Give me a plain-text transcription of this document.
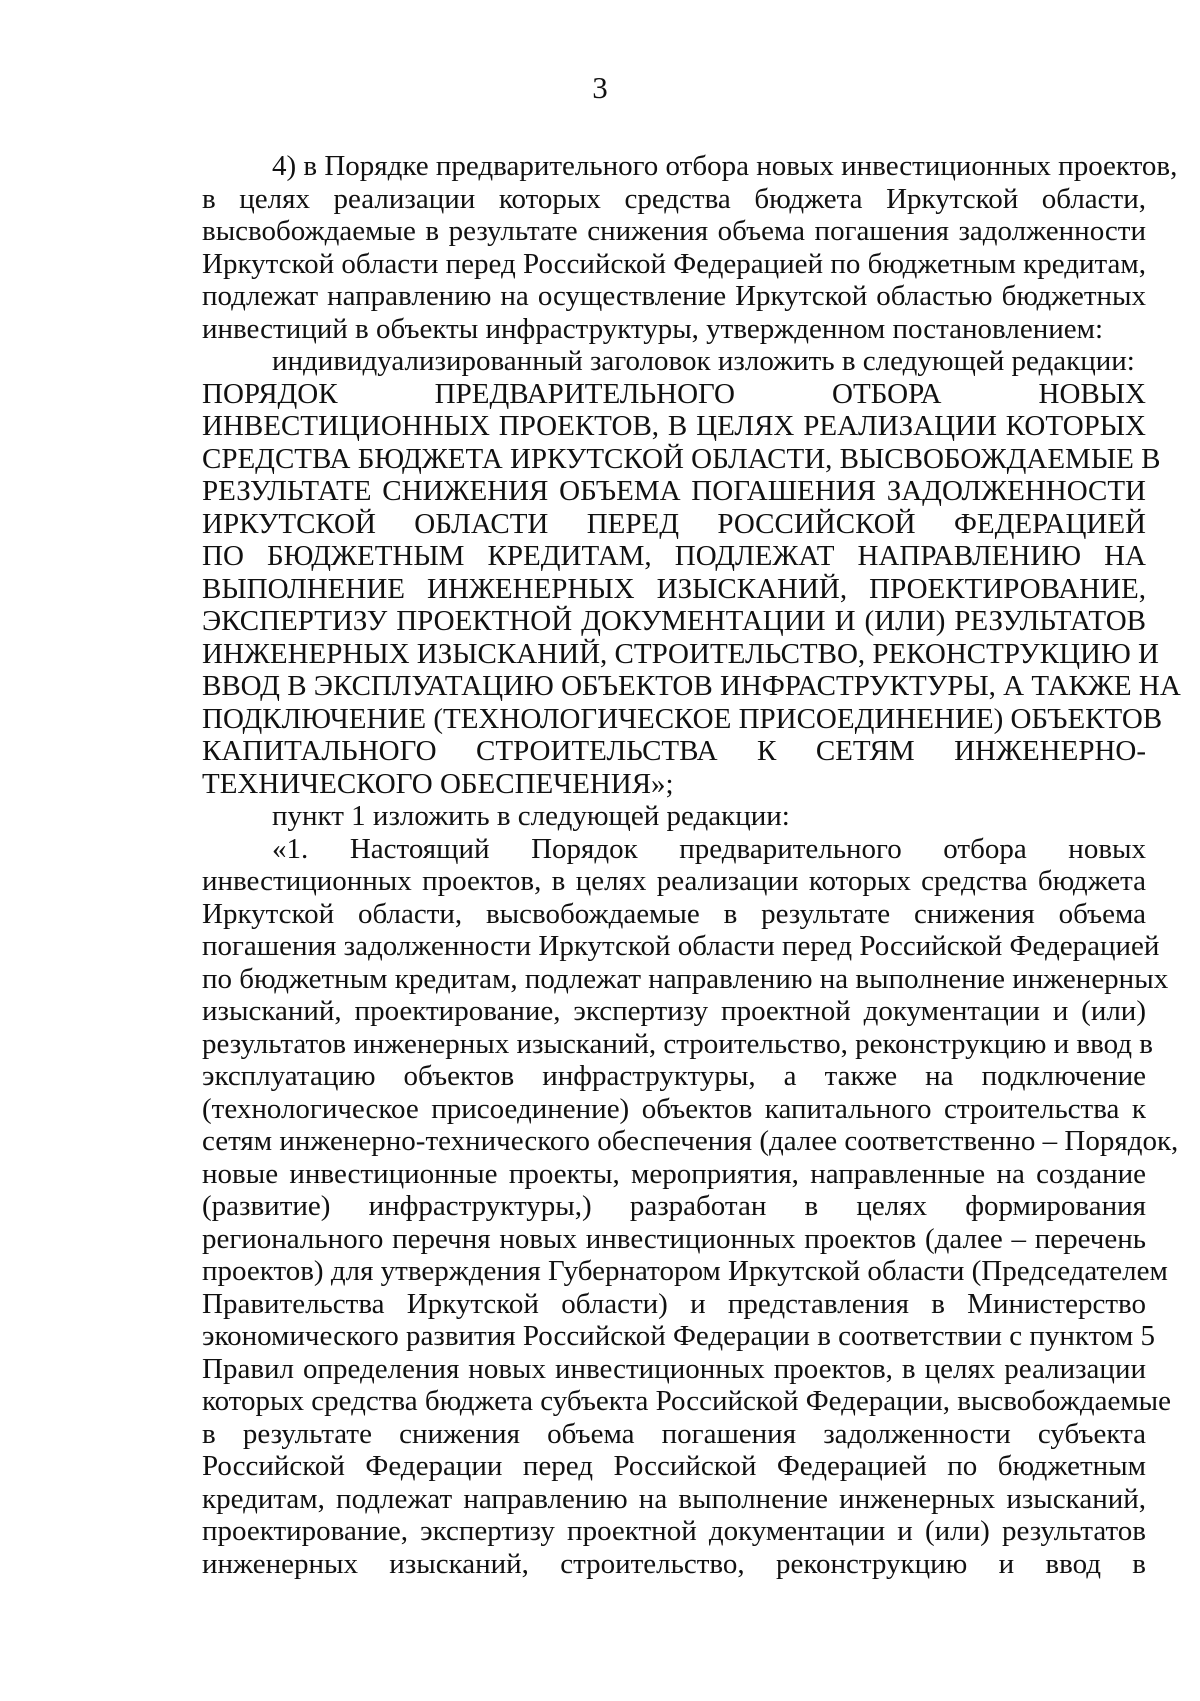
3
4) в Порядке предварительного отбора новых инвестиционных проектов,
в целях реализации которых средства бюджета Иркутской области,
высвобождаемые в результате снижения объема погашения задолженности
Иркутской области перед Российской Федерацией по бюджетным кредитам,
подлежат направлению на осуществление Иркутской областью бюджетных
инвестиций в объекты инфраструктуры, утвержденном постановлением:
индивидуализированный заголовок изложить в следующей редакции:
ПОРЯДОК ПРЕДВАРИТЕЛЬНОГО ОТБОРА НОВЫХ
ИНВЕСТИЦИОННЫХ ПРОЕКТОВ, В ЦЕЛЯХ РЕАЛИЗАЦИИ КОТОРЫХ
СРЕДСТВА БЮДЖЕТА ИРКУТСКОЙ ОБЛАСТИ, ВЫСВОБОЖДАЕМЫЕ В
РЕЗУЛЬТАТЕ СНИЖЕНИЯ ОБЪЕМА ПОГАШЕНИЯ ЗАДОЛЖЕННОСТИ
ИРКУТСКОЙ ОБЛАСТИ ПЕРЕД РОССИЙСКОЙ ФЕДЕРАЦИЕЙ
ПО БЮДЖЕТНЫМ КРЕДИТАМ, ПОДЛЕЖАТ НАПРАВЛЕНИЮ НА
ВЫПОЛНЕНИЕ ИНЖЕНЕРНЫХ ИЗЫСКАНИЙ, ПРОЕКТИРОВАНИЕ,
ЭКСПЕРТИЗУ ПРОЕКТНОЙ ДОКУМЕНТАЦИИ И (ИЛИ) РЕЗУЛЬТАТОВ
ИНЖЕНЕРНЫХ ИЗЫСКАНИЙ, СТРОИТЕЛЬСТВО, РЕКОНСТРУКЦИЮ И
ВВОД В ЭКСПЛУАТАЦИЮ ОБЪЕКТОВ ИНФРАСТРУКТУРЫ, А ТАКЖЕ НА
ПОДКЛЮЧЕНИЕ (ТЕХНОЛОГИЧЕСКОЕ ПРИСОЕДИНЕНИЕ) ОБЪЕКТОВ
КАПИТАЛЬНОГО СТРОИТЕЛЬСТВА К СЕТЯМ ИНЖЕНЕРНО-
ТЕХНИЧЕСКОГО ОБЕСПЕЧЕНИЯ»;
пункт 1 изложить в следующей редакции:
«1. Настоящий Порядок предварительного отбора новых
инвестиционных проектов, в целях реализации которых средства бюджета
Иркутской области, высвобождаемые в результате снижения объема
погашения задолженности Иркутской области перед Российской Федерацией
по бюджетным кредитам, подлежат направлению на выполнение инженерных
изысканий, проектирование, экспертизу проектной документации и (или)
результатов инженерных изысканий, строительство, реконструкцию и ввод в
эксплуатацию объектов инфраструктуры, а также на подключение
(технологическое присоединение) объектов капитального строительства к
сетям инженерно-технического обеспечения (далее соответственно – Порядок,
новые инвестиционные проекты, мероприятия, направленные на создание
(развитие) инфраструктуры,) разработан в целях формирования
регионального перечня новых инвестиционных проектов (далее – перечень
проектов) для утверждения Губернатором Иркутской области (Председателем
Правительства Иркутской области) и представления в Министерство
экономического развития Российской Федерации в соответствии с пунктом 5
Правил определения новых инвестиционных проектов, в целях реализации
которых средства бюджета субъекта Российской Федерации, высвобождаемые
в результате снижения объема погашения задолженности субъекта
Российской Федерации перед Российской Федерацией по бюджетным
кредитам, подлежат направлению на выполнение инженерных изысканий,
проектирование, экспертизу проектной документации и (или) результатов
инженерных изысканий, строительство, реконструкцию и ввод в
